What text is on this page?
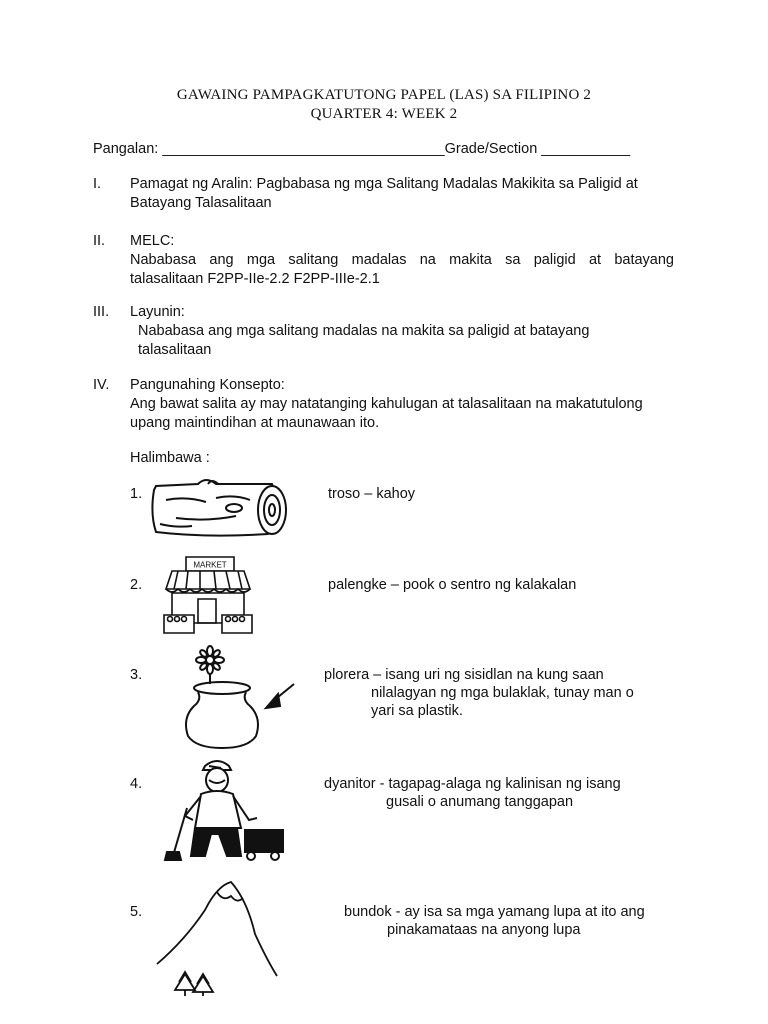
GAWAING PAMPAGKATUTONG PAPEL (LAS) SA FILIPINO 2
QUARTER 4: WEEK 2
Pangalan: ___________________________________Grade/Section ___________
I. Pamagat ng Aralin: Pagbabasa ng mga Salitang Madalas Makikita sa Paligid at
Batayang Talasalitaan
II. MELC:
Nababasa ang mga salitang madalas na makita sa paligid at batayang
talasalitaan F2PP-IIe-2.2 F2PP-IIIe-2.1
III. Layunin:
Nababasa ang mga salitang madalas na makita sa paligid at batayang
talasalitaan
IV. Pangunahing Konsepto:
Ang bawat salita ay may natatanging kahulugan at talasalitaan na makatutulong
upang maintindihan at maunawaan ito.
Halimbawa :
1.	troso – kahoy
2.
MARKET
palengke – pook o sentro ng kalakalan
3.	plorera – isang uri ng sisidlan na kung saan
nilalagyan ng mga bulaklak, tunay man o
yari sa plastik.
4.	dyanitor - tagapag-alaga ng kalinisan ng isang
gusali o anumang tanggapan
5.	bundok - ay isa sa mga yamang lupa at ito ang
pinakamataas na anyong lupa
